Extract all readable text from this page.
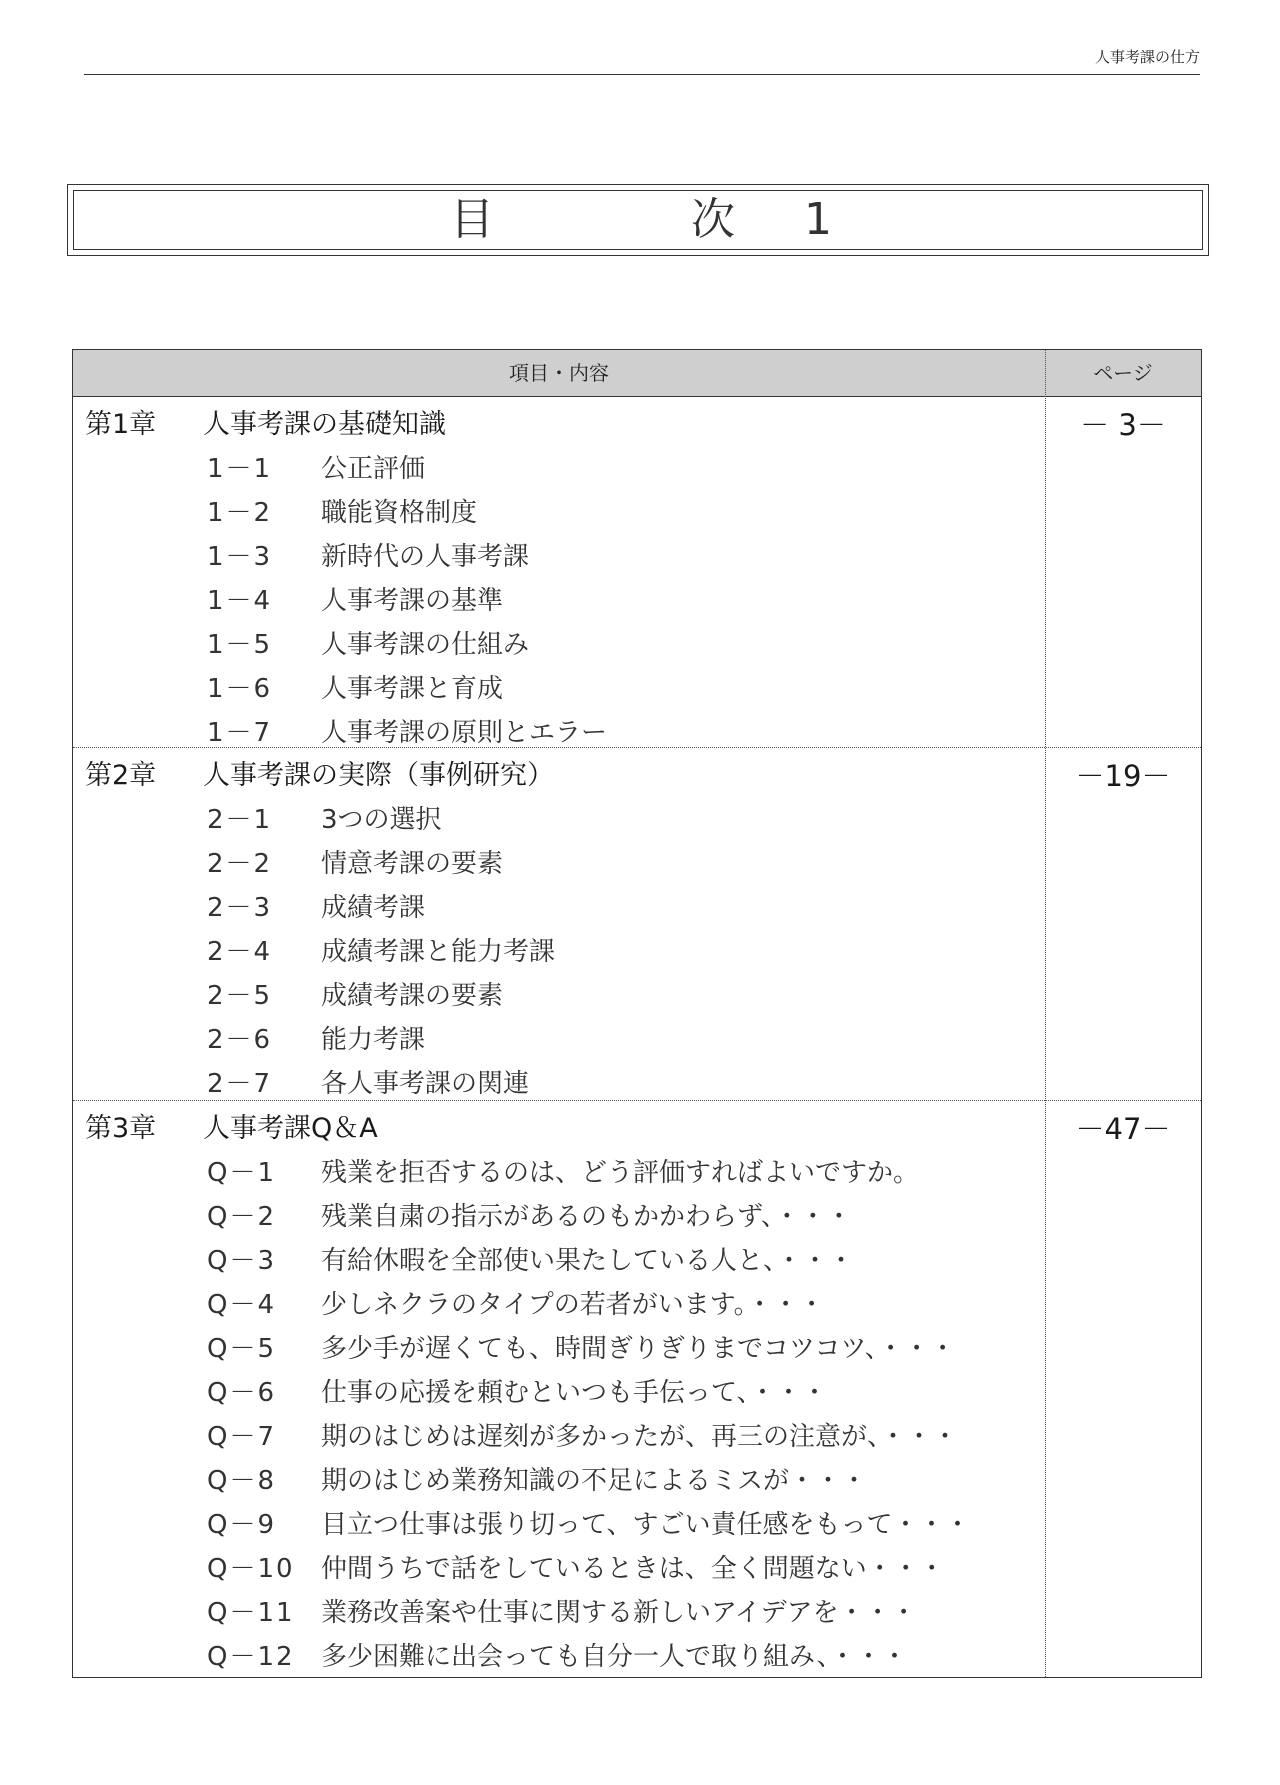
人事考課の仕方
目	次 1
項目・内容	ページ
第1章 人事考課の基礎知識	－ 3－
1－1 公正評価
1－2 職能資格制度
1－3 新時代の人事考課
1－4 人事考課の基準
1－5 人事考課の仕組み
1－6 人事考課と育成
1－7 人事考課の原則とエラー
第2章 人事考課の実際（事例研究）	－19－
2－1 3つの選択
2－2 情意考課の要素
2－3 成績考課
2－4 成績考課と能力考課
2－5 成績考課の要素
2－6 能力考課
2－7 各人事考課の関連
第3章 人事考課Q＆A	－47－
Q－1 残業を拒否するのは、どう評価すればよいですか。
Q－2 残業自粛の指示があるのもかかわらず、・・・
Q－3 有給休暇を全部使い果たしている人と、・・・
Q－4 少しネクラのタイプの若者がいます。・・・
Q－5 多少手が遅くても、時間ぎりぎりまでコツコツ、・・・
Q－6 仕事の応援を頼むといつも手伝って、・・・
Q－7 期のはじめは遅刻が多かったが、再三の注意が、・・・
Q－8 期のはじめ業務知識の不足によるミスが・・・
Q－9 目立つ仕事は張り切って、すごい責任感をもって・・・
Q－10 仲間うちで話をしているときは、全く問題ない・・・
Q－11 業務改善案や仕事に関する新しいアイデアを・・・
Q－12 多少困難に出会っても自分一人で取り組み、・・・
